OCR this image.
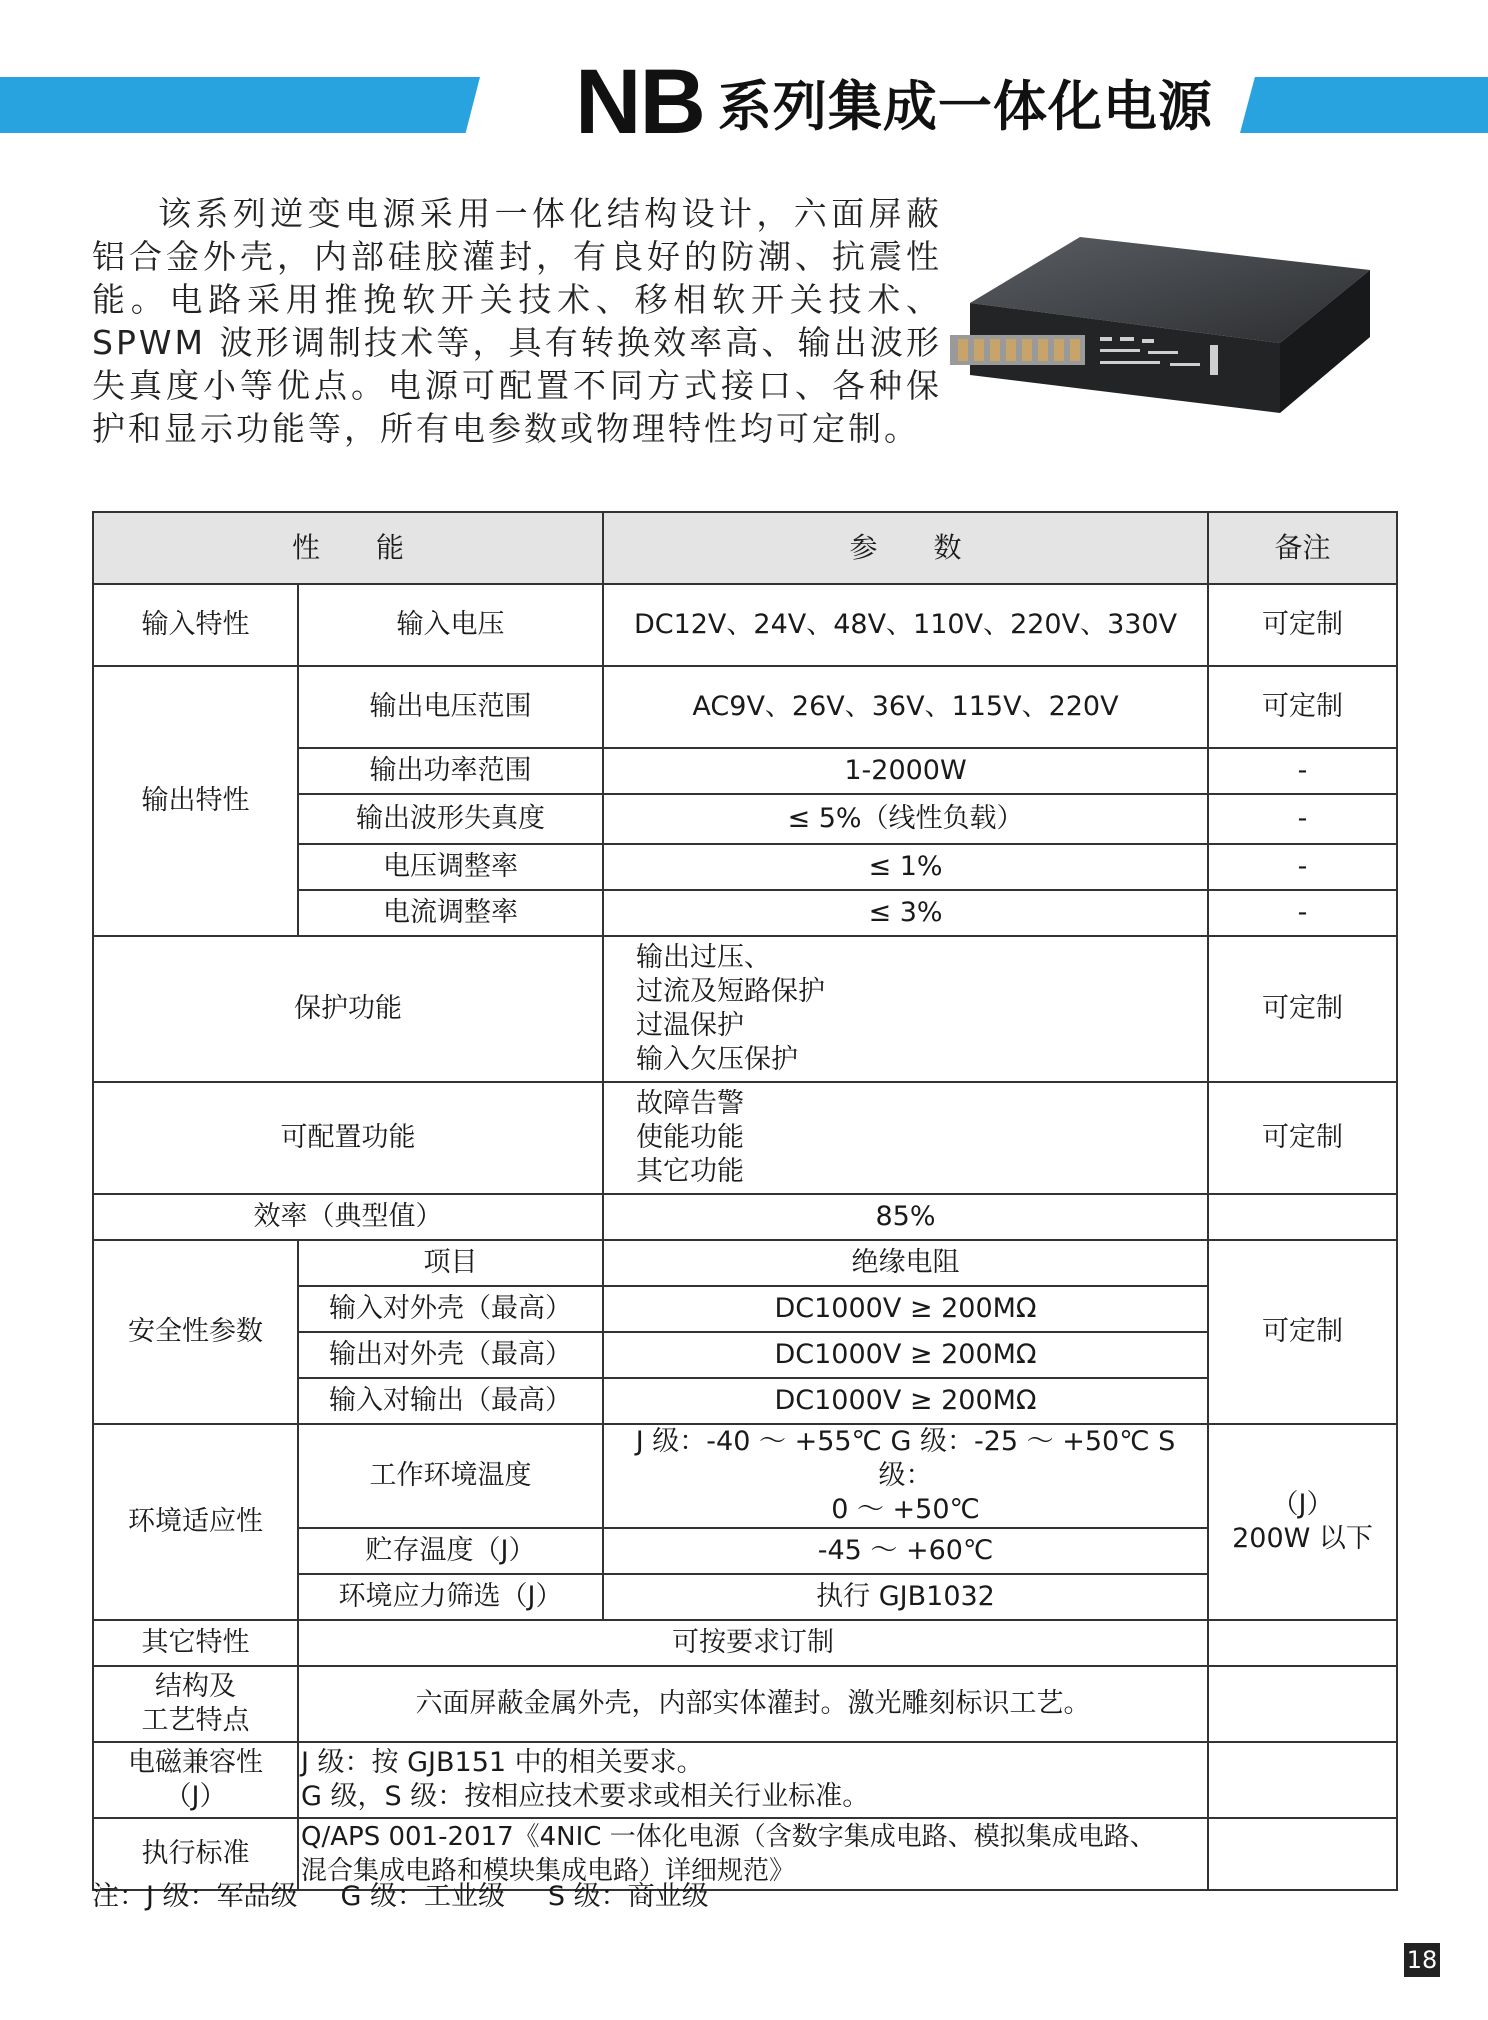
NB 系列集成一体化电源

该系列逆变电源采用一体化结构设计，六面屏蔽铝合金外壳，内部硅胶灌封，有良好的防潮、抗震性能。电路采用推挽软开关技术、移相软开关技术、SPWM 波形调制技术等，具有转换效率高、输出波形失真度小等优点。电源可配置不同方式接口、各种保护和显示功能等，所有电参数或物理特性均可定制。

性　　能		参　　数	备注
输入特性	输入电压	DC12V、24V、48V、110V、220V、330V	可定制
输出特性	输出电压范围	AC9V、26V、36V、115V、220V	可定制
	输出功率范围	1-2000W	-
	输出波形失真度	≤ 5%（线性负载）	-
	电压调整率	≤ 1%	-
	电流调整率	≤ 3%	-
保护功能		输出过压、
过流及短路保护
过温保护
输入欠压保护	可定制
可配置功能		故障告警
使能功能
其它功能	可定制
效率（典型值）		85%	
安全性参数	项目	绝缘电阻	可定制
	输入对外壳（最高）	DC1000V ≥ 200MΩ	
	输出对外壳（最高）	DC1000V ≥ 200MΩ	
	输入对输出（最高）	DC1000V ≥ 200MΩ	
环境适应性	工作环境温度	J 级：-40 ～ +55℃ G 级：-25 ～ +50℃ S 级：
0 ～ +50℃	（J）
200W 以下

	贮存温度（J）	-45 ～ +60℃	
	环境应力筛选（J）	执行 GJB1032	
其它特性	可按要求订制		

结构及
工艺特点	六面屏蔽金属外壳，内部实体灌封。激光雕刻标识工艺。		

电磁兼容性
（J）	J 级：按 GJB151 中的相关要求。
G 级，S 级：按相应技术要求或相关行业标准。		

执行标准	Q/APS 001-2017《4NIC 一体化电源（含数字集成电路、模拟集成电路、
混合集成电路和模块集成电路）详细规范》		

注：J 级：军品级     G 级：工业级     S 级：商业级
18
